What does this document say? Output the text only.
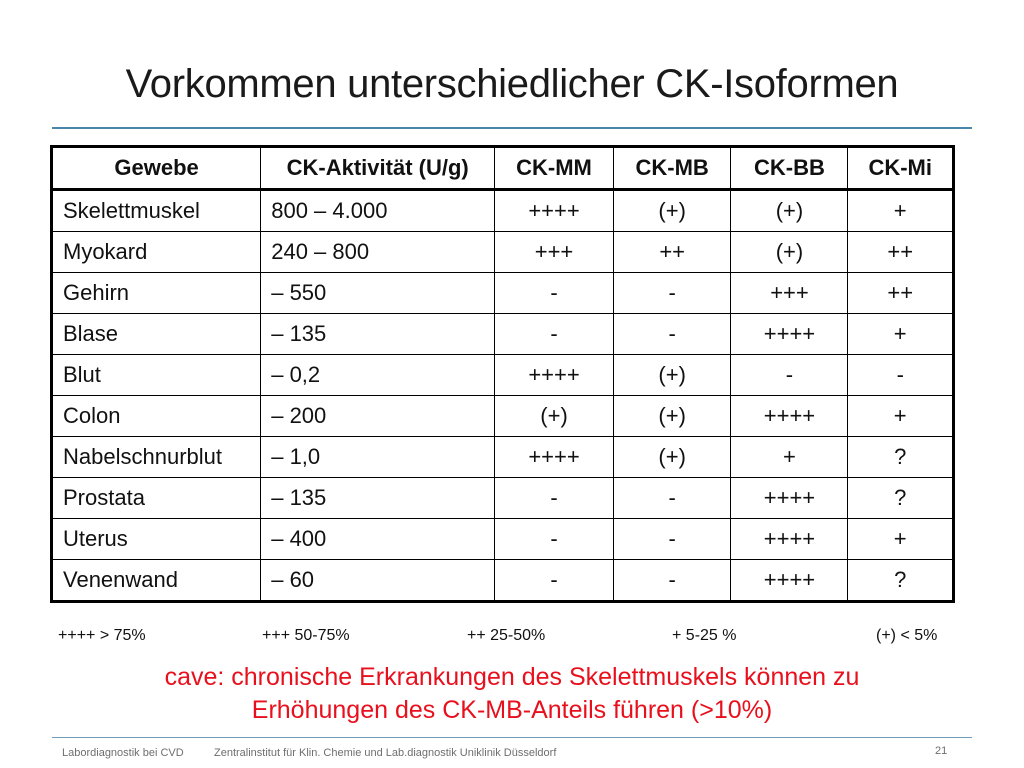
Vorkommen unterschiedlicher CK-Isoformen
Gewebe	CK-Aktivität (U/g)	CK-MM	CK-MB	CK-BB	CK-Mi
Skelettmuskel	800 – 4.000	++++	(+)	(+)	+
Myokard	240 – 800	+++	++	(+)	++
Gehirn	– 550	-	-	+++	++
Blase	– 135	-	-	++++	+
Blut	– 0,2	++++	(+)	-	-
Colon	– 200	(+)	(+)	++++	+
Nabelschnurblut	– 1,0	++++	(+)	+	?
Prostata	– 135	-	-	++++	?
Uterus	– 400	-	-	++++	+
Venenwand	– 60	-	-	++++	?
++++ > 75%	+++ 50-75%	++ 25-50%	+ 5-25 %	(+) < 5%
cave: chronische Erkrankungen des Skelettmuskels können zu
Erhöhungen des CK-MB-Anteils führen (>10%)
21
Labordiagnostik bei CVD	Zentralinstitut für Klin. Chemie und Lab.diagnostik Uniklinik Düsseldorf
